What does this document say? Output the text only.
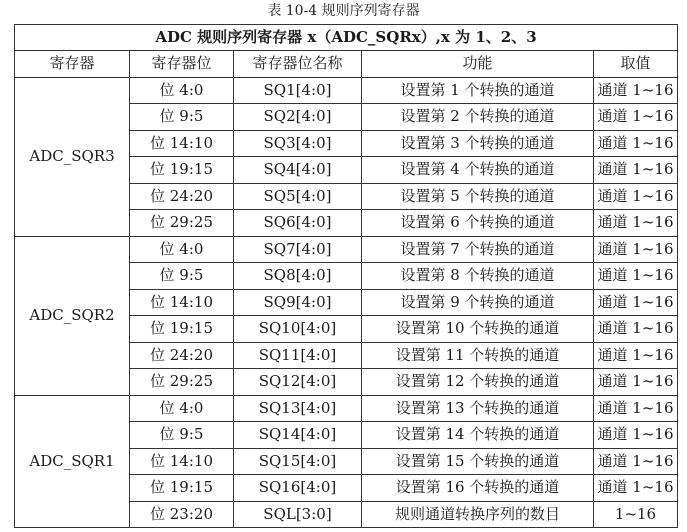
表 10-4 规则序列寄存器
ADC 规则序列寄存器 x（ADC_SQRx）,x 为 1、2、3				
寄存器	寄存器位	寄存器位名称	功能	取值
ADC_SQR3	位 4:0	SQ1[4:0]	设置第 1 个转换的通道	通道 1~16
	位 9:5	SQ2[4:0]	设置第 2 个转换的通道	通道 1~16
	位 14:10	SQ3[4:0]	设置第 3 个转换的通道	通道 1~16
	位 19:15	SQ4[4:0]	设置第 4 个转换的通道	通道 1~16
	位 24:20	SQ5[4:0]	设置第 5 个转换的通道	通道 1~16
	位 29:25	SQ6[4:0]	设置第 6 个转换的通道	通道 1~16
ADC_SQR2	位 4:0	SQ7[4:0]	设置第 7 个转换的通道	通道 1~16
	位 9:5	SQ8[4:0]	设置第 8 个转换的通道	通道 1~16
	位 14:10	SQ9[4:0]	设置第 9 个转换的通道	通道 1~16
	位 19:15	SQ10[4:0]	设置第 10 个转换的通道	通道 1~16
	位 24:20	SQ11[4:0]	设置第 11 个转换的通道	通道 1~16
	位 29:25	SQ12[4:0]	设置第 12 个转换的通道	通道 1~16
ADC_SQR1	位 4:0	SQ13[4:0]	设置第 13 个转换的通道	通道 1~16
	位 9:5	SQ14[4:0]	设置第 14 个转换的通道	通道 1~16
	位 14:10	SQ15[4:0]	设置第 15 个转换的通道	通道 1~16
	位 19:15	SQ16[4:0]	设置第 16 个转换的通道	通道 1~16
	位 23:20	SQL[3:0]	规则通道转换序列的数目	1~16
